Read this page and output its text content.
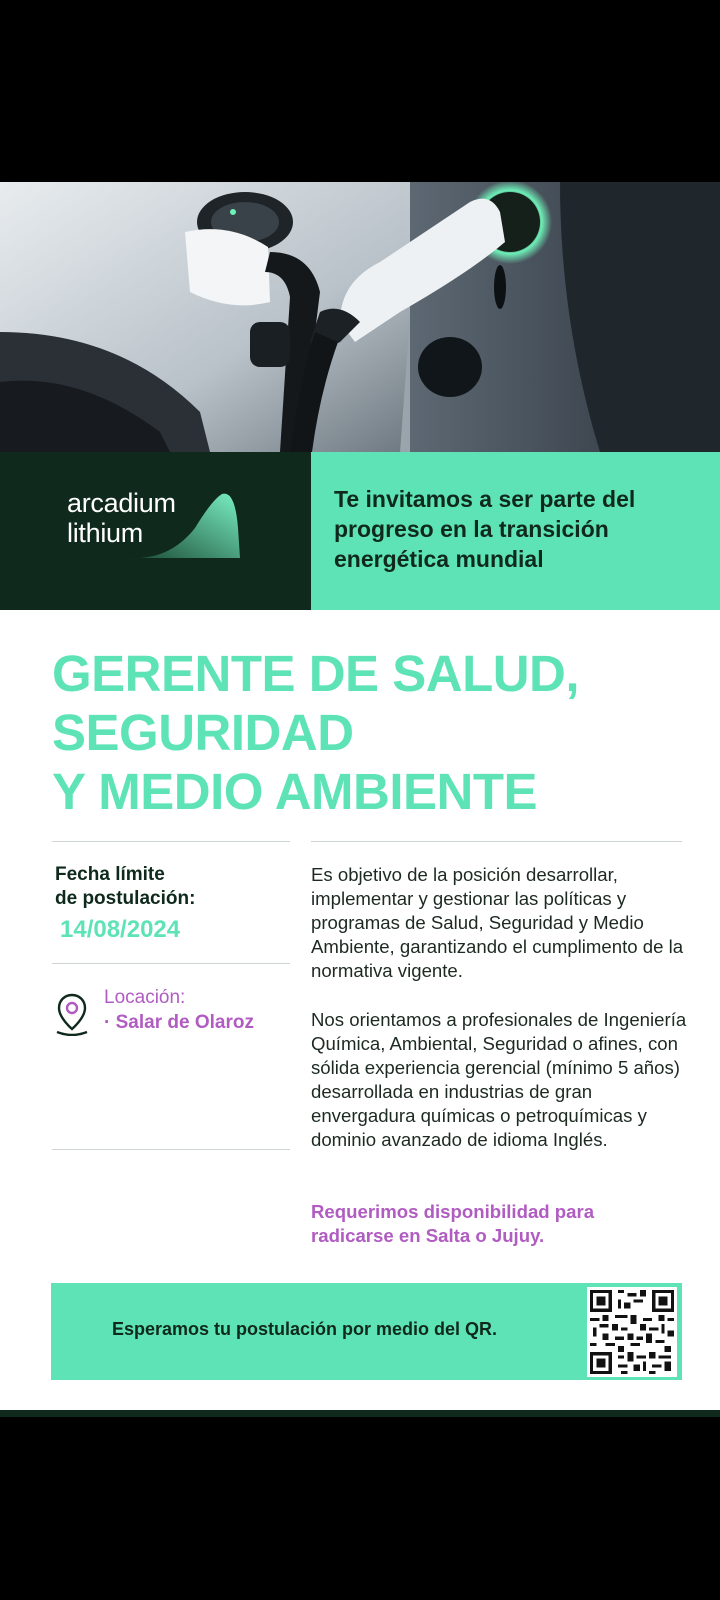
arcadium
lithium
Te invitamos a ser parte del progreso en la transición energética mundial
GERENTE DE SALUD,
SEGURIDAD
Y MEDIO AMBIENTE
Fecha límite
de postulación:
14/08/2024
Locación:
· Salar de Olaroz

Es objetivo de la posición desarrollar, implementar y gestionar las políticas y programas de Salud, Seguridad y Medio Ambiente, garantizando el cumplimento de la normativa vigente.

Nos orientamos a profesionales de Ingeniería Química, Ambiental, Seguridad o afines, con sólida experiencia gerencial (mínimo 5 años) desarrollada en industrias de gran envergadura químicas o petroquímicas y dominio avanzado de idioma Inglés.

Requerimos disponibilidad para radicarse en Salta o Jujuy.

Esperamos tu postulación por medio del QR.
